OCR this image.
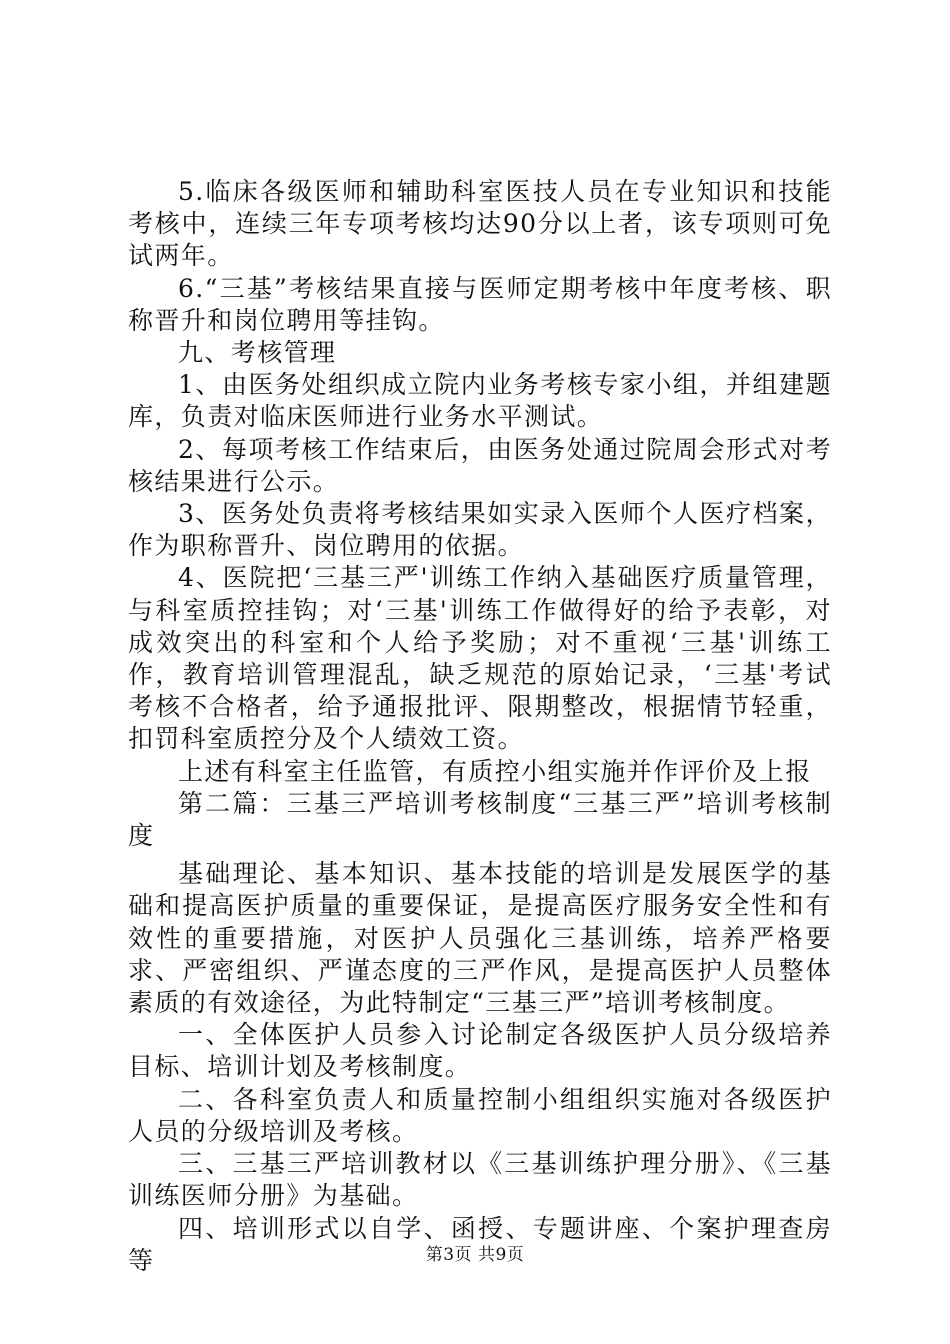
5.临床各级医师和辅助科室医技人员在专业知识和技能考核中，连续三年专项考核均达90分以上者，该专项则可免试两年。

6.“三基”考核结果直接与医师定期考核中年度考核、职称晋升和岗位聘用等挂钩。

九、考核管理

1、由医务处组织成立院内业务考核专家小组，并组建题库，负责对临床医师进行业务水平测试。

2、每项考核工作结束后，由医务处通过院周会形式对考核结果进行公示。

3、医务处负责将考核结果如实录入医师个人医疗档案，作为职称晋升、岗位聘用的依据。

4、医院把‘三基三严'训练工作纳入基础医疗质量管理，与科室质控挂钩；对‘三基'训练工作做得好的给予表彰，对成效突出的科室和个人给予奖励；对不重视‘三基'训练工作，教育培训管理混乱，缺乏规范的原始记录，‘三基'考试考核不合格者，给予通报批评、限期整改，根据情节轻重，扣罚科室质控分及个人绩效工资。

上述有科室主任监管，有质控小组实施并作评价及上报

第二篇：三基三严培训考核制度“三基三严”培训考核制度

基础理论、基本知识、基本技能的培训是发展医学的基础和提高医护质量的重要保证，是提高医疗服务安全性和有效性的重要措施，对医护人员强化三基训练，培养严格要求、严密组织、严谨态度的三严作风，是提高医护人员整体素质的有效途径，为此特制定“三基三严”培训考核制度。

一、全体医护人员参入讨论制定各级医护人员分级培养目标、培训计划及考核制度。

二、各科室负责人和质量控制小组组织实施对各级医护人员的分级培训及考核。

三、三基三严培训教材以《三基训练护理分册》、《三基训练医师分册》为基础。

四、培训形式以自学、函授、专题讲座、个案护理查房等	第3页 共9页
